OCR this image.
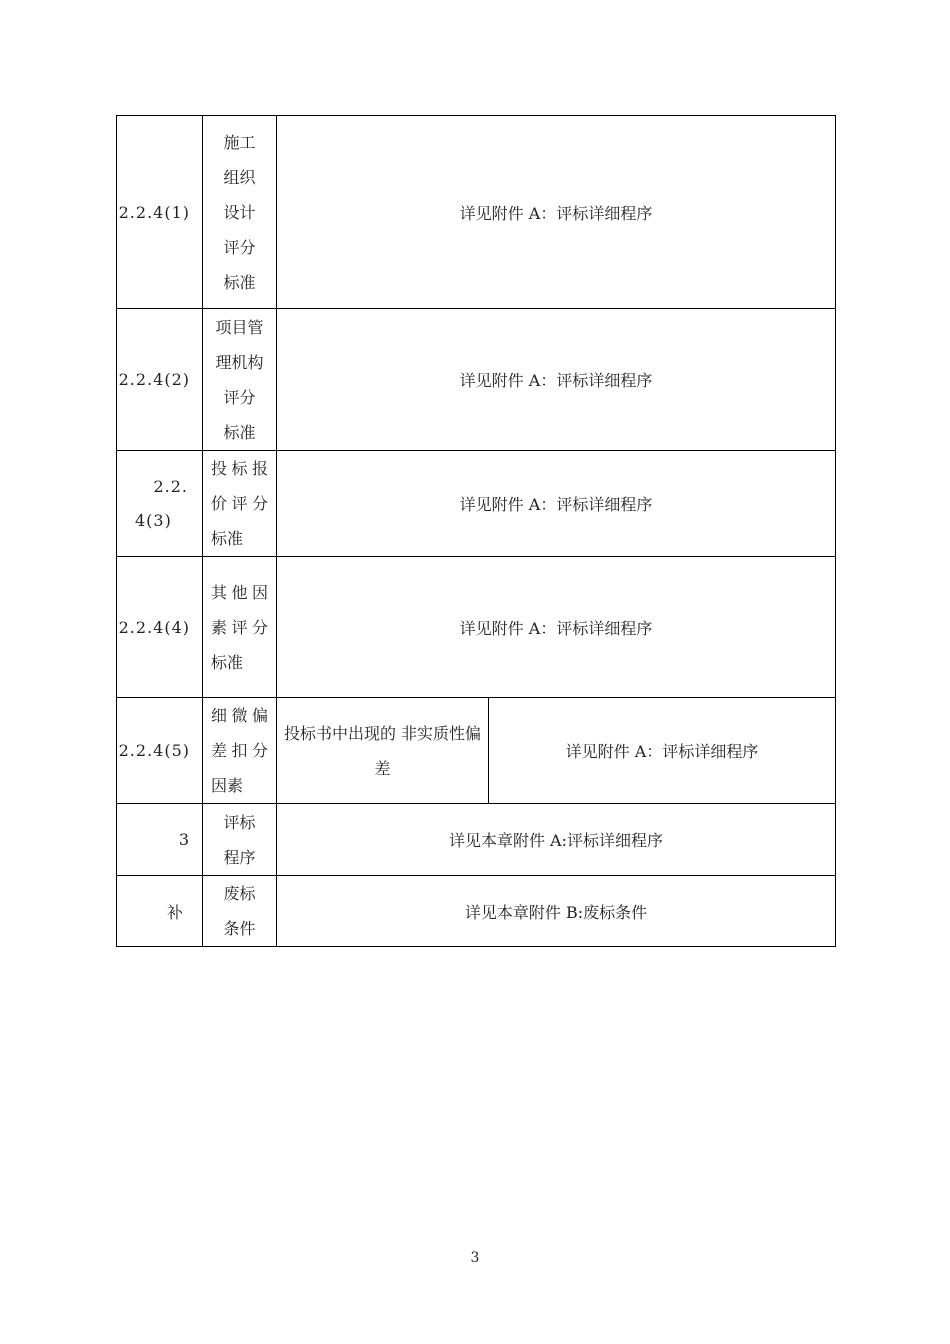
2.2.4(1)	施工
组织
设计
评分
标准	详见附件 A：评标详细程序	
2.2.4(2)	项目管
理机构
评分
标准	详见附件 A：评标详细程序	

2.2.
4(3)	投标报
价评分
标准	详见附件 A：评标详细程序	
2.2.4(4)	其他因
素评分
标准	详见附件 A：评标详细程序	
2.2.4(5)	细微偏
差扣分
因素	投标书中出现的 非实质性偏差	详见附件 A：评标详细程序
3	评标
程序	详见本章附件 A:评标详细程序	
补	废标
条件	详见本章附件 B:废标条件	
3
